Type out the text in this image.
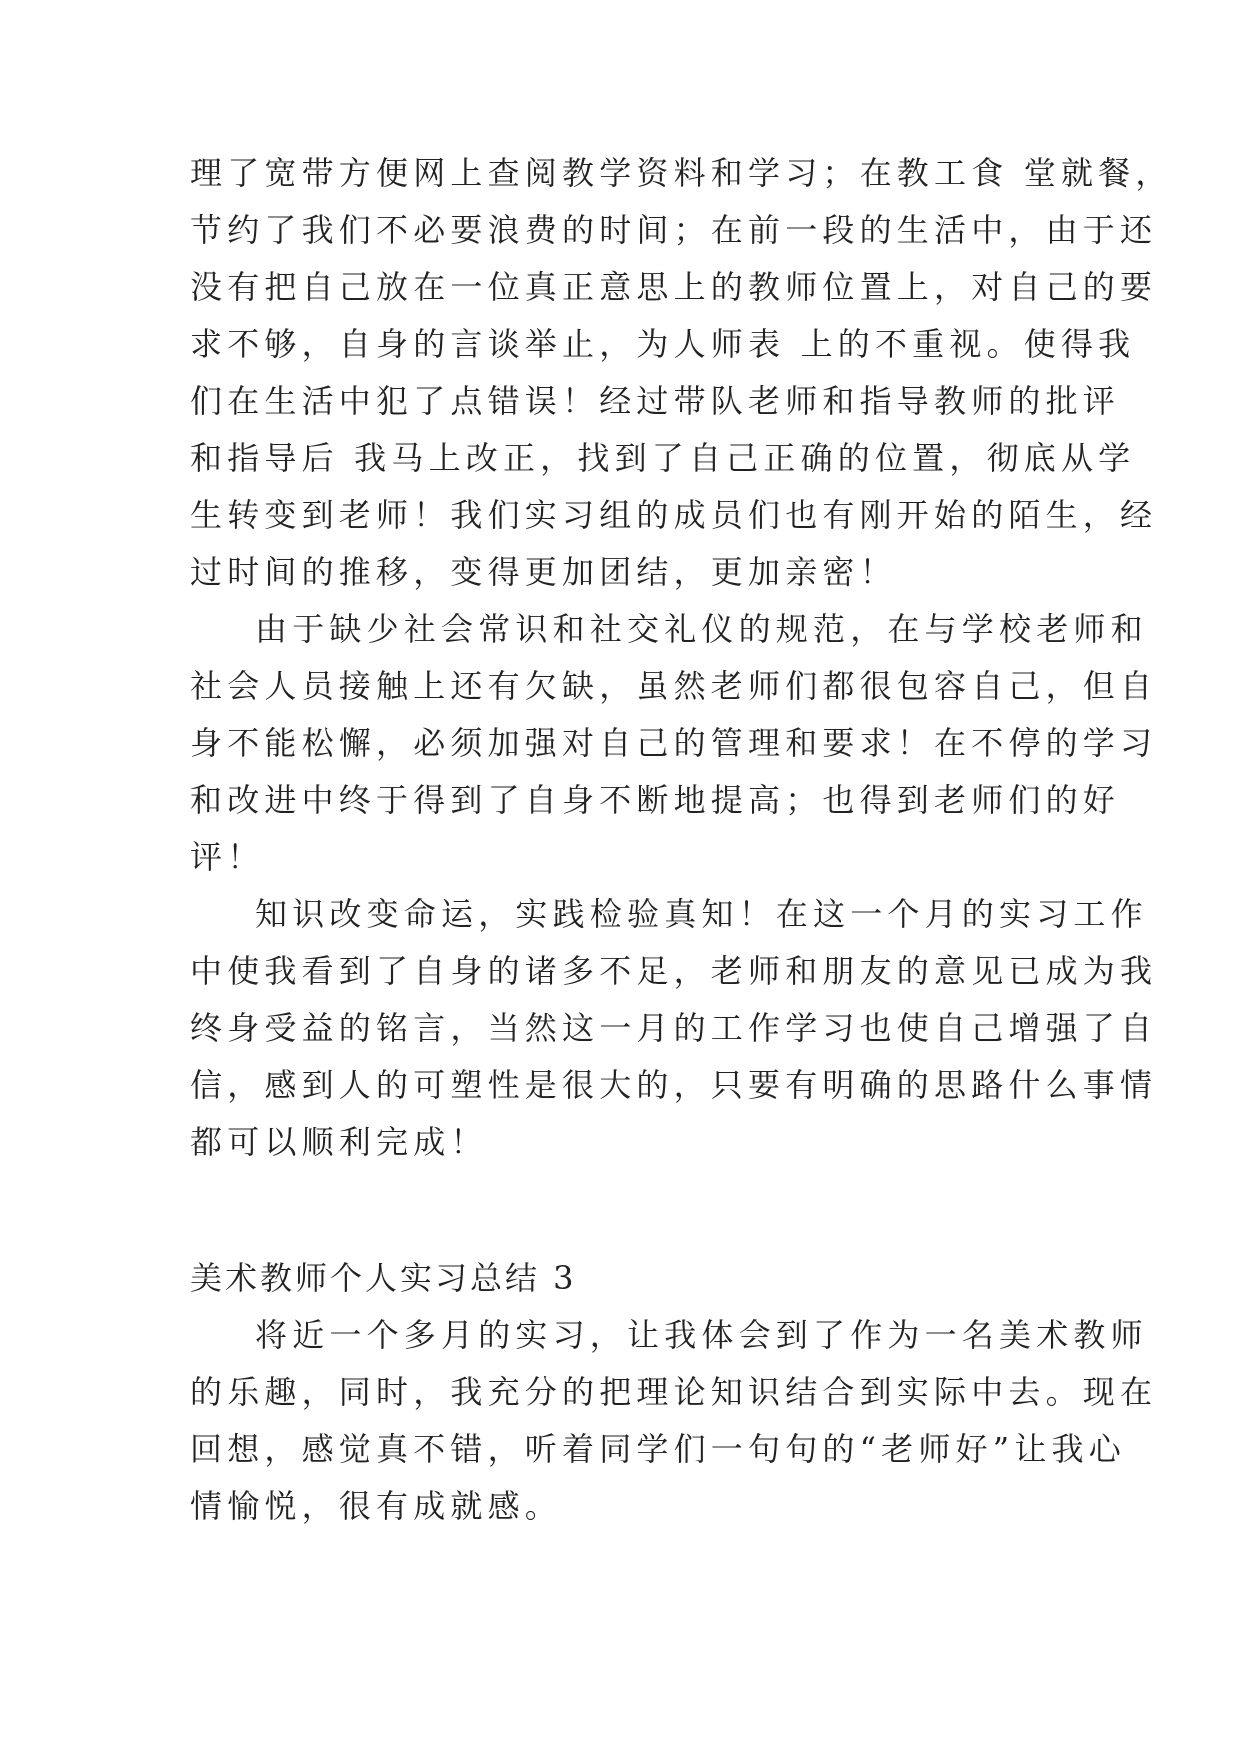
理了宽带方便网上查阅教学资料和学习；在教工食 堂就餐，
节约了我们不必要浪费的时间；在前一段的生活中，由于还
没有把自己放在一位真正意思上的教师位置上，对自己的要
求不够，自身的言谈举止，为人师表 上的不重视。使得我
们在生活中犯了点错误！经过带队老师和指导教师的批评
和指导后 我马上改正，找到了自己正确的位置，彻底从学
生转变到老师！我们实习组的成员们也有刚开始的陌生，经
过时间的推移，变得更加团结，更加亲密！
由于缺少社会常识和社交礼仪的规范，在与学校老师和
社会人员接触上还有欠缺，虽然老师们都很包容自己，但自
身不能松懈，必须加强对自己的管理和要求！在不停的学习
和改进中终于得到了自身不断地提高；也得到老师们的好
评！
知识改变命运，实践检验真知！在这一个月的实习工作
中使我看到了自身的诸多不足，老师和朋友的意见已成为我
终身受益的铭言，当然这一月的工作学习也使自己增强了自
信，感到人的可塑性是很大的，只要有明确的思路什么事情
都可以顺利完成！
美术教师个人实习总结 3
将近一个多月的实习，让我体会到了作为一名美术教师
的乐趣，同时，我充分的把理论知识结合到实际中去。现在
回想，感觉真不错，听着同学们一句句的“老师好”让我心
情愉悦，很有成就感。
